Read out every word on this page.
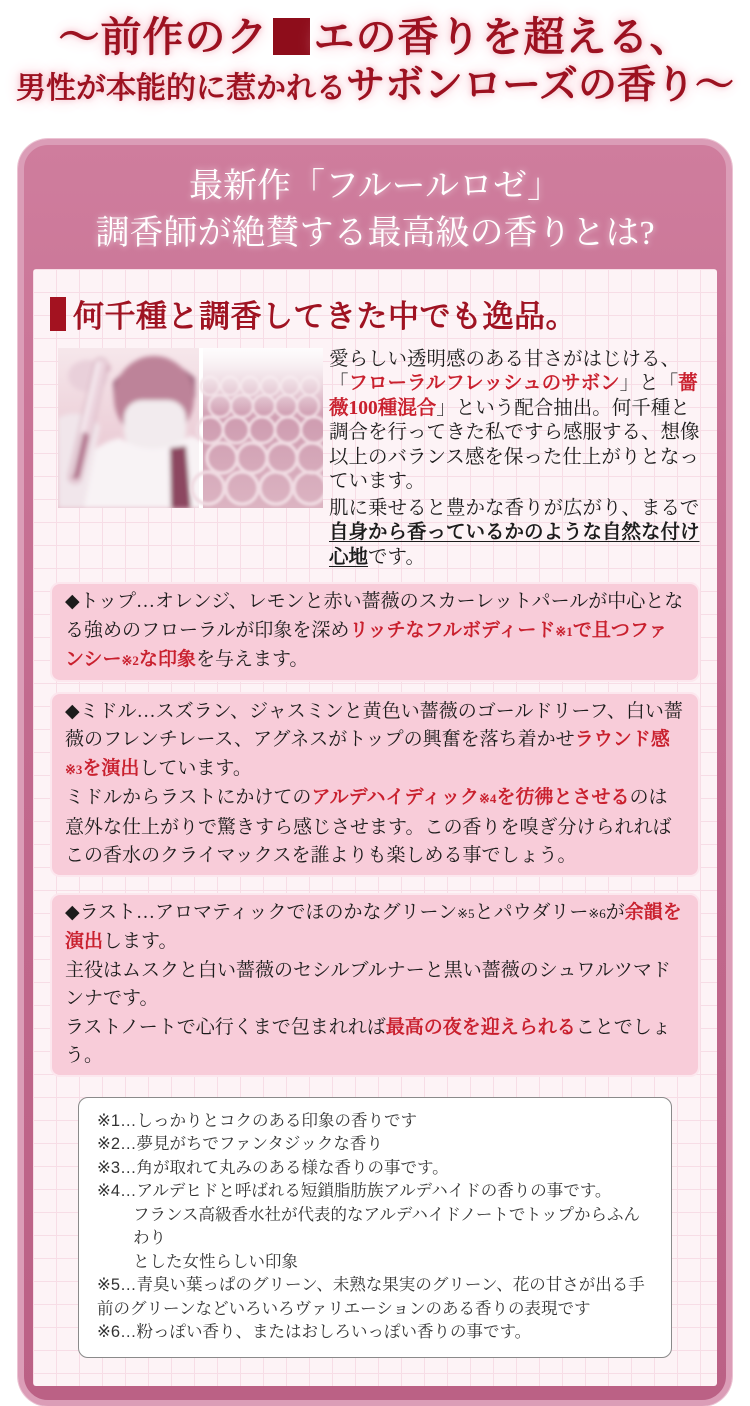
〜前作のク エの香りを超える、
男性が本能的に惹かれるサボンローズの香り〜
最新作「フルールロゼ」
調香師が絶賛する最高級の香りとは?
何千種と調香してきた中でも逸品。

愛らしい透明感のある甘さがはじける、「フローラルフレッシュのサボン」と「薔薇100種混合」という配合抽出。何千種と調合を行ってきた私ですら感服する、想像以上のバランス感を保った仕上がりとなっています。

肌に乗せると豊かな香りが広がり、まるで自身から香っているかのような自然な付け心地です。

◆トップ…オレンジ、レモンと赤い薔薇のスカーレットパールが中心となる強めのフローラルが印象を深めリッチなフルボディード※1で且つファンシー※2な印象を与えます。

◆ミドル…スズラン、ジャスミンと黄色い薔薇のゴールドリーフ、白い薔薇のフレンチレース、アグネスがトップの興奮を落ち着かせラウンド感※3を演出しています。

ミドルからラストにかけてのアルデハイディック※4を彷彿とさせるのは意外な仕上がりで驚きすら感じさせます。この香りを嗅ぎ分けられればこの香水のクライマックスを誰よりも楽しめる事でしょう。

◆ラスト…アロマティックでほのかなグリーン※5とパウダリー※6が余韻を演出します。

主役はムスクと白い薔薇のセシルブルナーと黒い薔薇のシュワルツマドンナです。

ラストノートで心行くまで包まれれば最高の夜を迎えられることでしょう。

※1…しっかりとコクのある印象の香りです

※2…夢見がちでファンタジックな香り

※3…角が取れて丸みのある様な香りの事です。

※4…アルデヒドと呼ばれる短鎖脂肪族アルデハイドの香りの事です。

フランス高級香水社が代表的なアルデハイドノートでトップからふんわり

とした女性らしい印象

※5…青臭い葉っぱのグリーン、未熟な果実のグリーン、花の甘さが出る手前のグリーンなどいろいろヴァリエーションのある香りの表現です

※6…粉っぽい香り、またはおしろいっぽい香りの事です。
